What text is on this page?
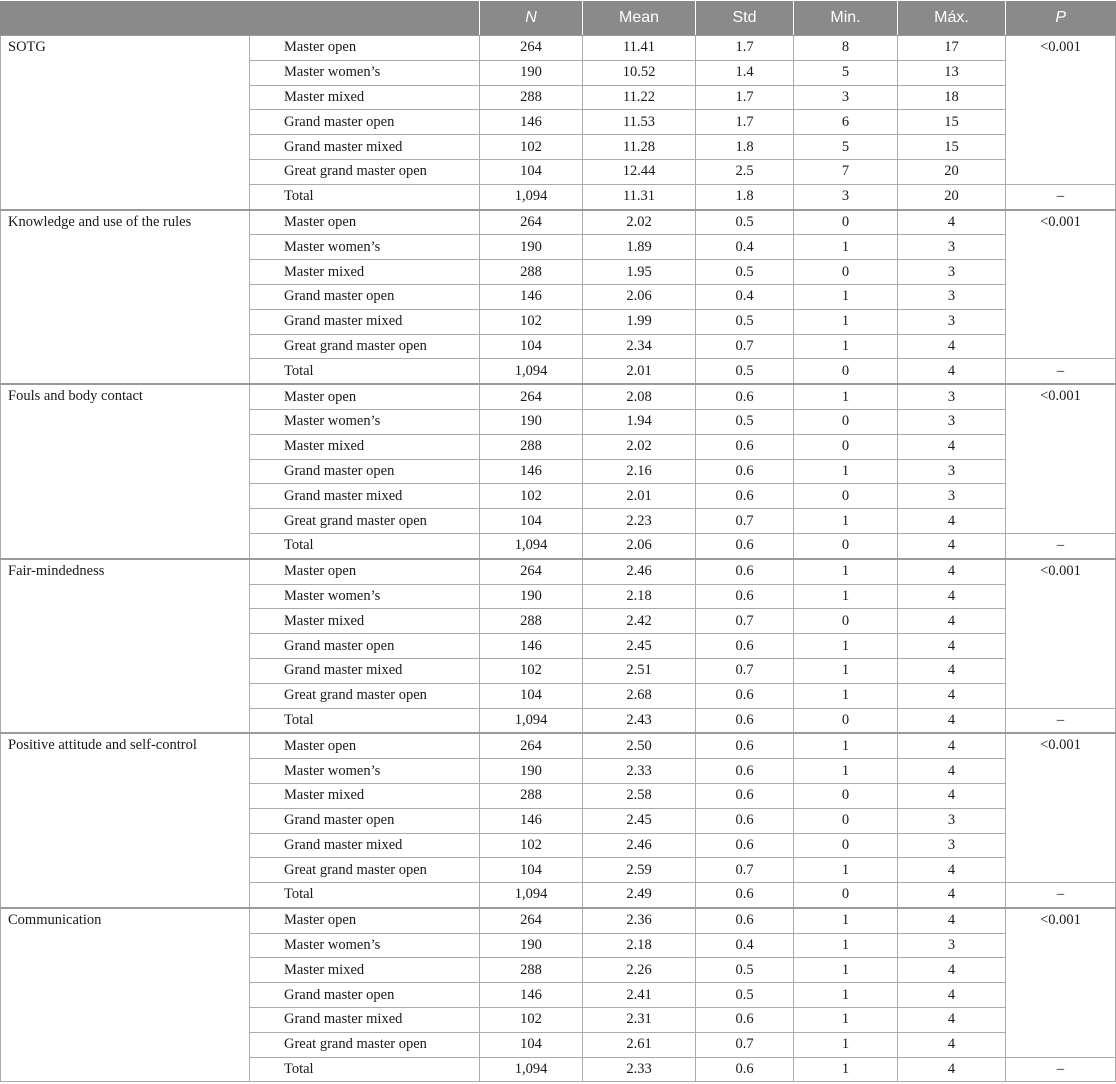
		N	Mean	Std	Min.	Máx.	P
SOTG	Master open	264	11.41	1.7	8	17	<0.001
	Master women’s	190	10.52	1.4	5	13	
	Master mixed	288	11.22	1.7	3	18	
	Grand master open	146	11.53	1.7	6	15	
	Grand master mixed	102	11.28	1.8	5	15	
	Great grand master open	104	12.44	2.5	7	20	
	Total	1,094	11.31	1.8	3	20	–
Knowledge and use of the rules	Master open	264	2.02	0.5	0	4	<0.001
	Master women’s	190	1.89	0.4	1	3	
	Master mixed	288	1.95	0.5	0	3	
	Grand master open	146	2.06	0.4	1	3	
	Grand master mixed	102	1.99	0.5	1	3	
	Great grand master open	104	2.34	0.7	1	4	
	Total	1,094	2.01	0.5	0	4	–
Fouls and body contact	Master open	264	2.08	0.6	1	3	<0.001
	Master women’s	190	1.94	0.5	0	3	
	Master mixed	288	2.02	0.6	0	4	
	Grand master open	146	2.16	0.6	1	3	
	Grand master mixed	102	2.01	0.6	0	3	
	Great grand master open	104	2.23	0.7	1	4	
	Total	1,094	2.06	0.6	0	4	–
Fair-mindedness	Master open	264	2.46	0.6	1	4	<0.001
	Master women’s	190	2.18	0.6	1	4	
	Master mixed	288	2.42	0.7	0	4	
	Grand master open	146	2.45	0.6	1	4	
	Grand master mixed	102	2.51	0.7	1	4	
	Great grand master open	104	2.68	0.6	1	4	
	Total	1,094	2.43	0.6	0	4	–
Positive attitude and self-control	Master open	264	2.50	0.6	1	4	<0.001
	Master women’s	190	2.33	0.6	1	4	
	Master mixed	288	2.58	0.6	0	4	
	Grand master open	146	2.45	0.6	0	3	
	Grand master mixed	102	2.46	0.6	0	3	
	Great grand master open	104	2.59	0.7	1	4	
	Total	1,094	2.49	0.6	0	4	–
Communication	Master open	264	2.36	0.6	1	4	<0.001
	Master women’s	190	2.18	0.4	1	3	
	Master mixed	288	2.26	0.5	1	4	
	Grand master open	146	2.41	0.5	1	4	
	Grand master mixed	102	2.31	0.6	1	4	
	Great grand master open	104	2.61	0.7	1	4	
	Total	1,094	2.33	0.6	1	4	–
